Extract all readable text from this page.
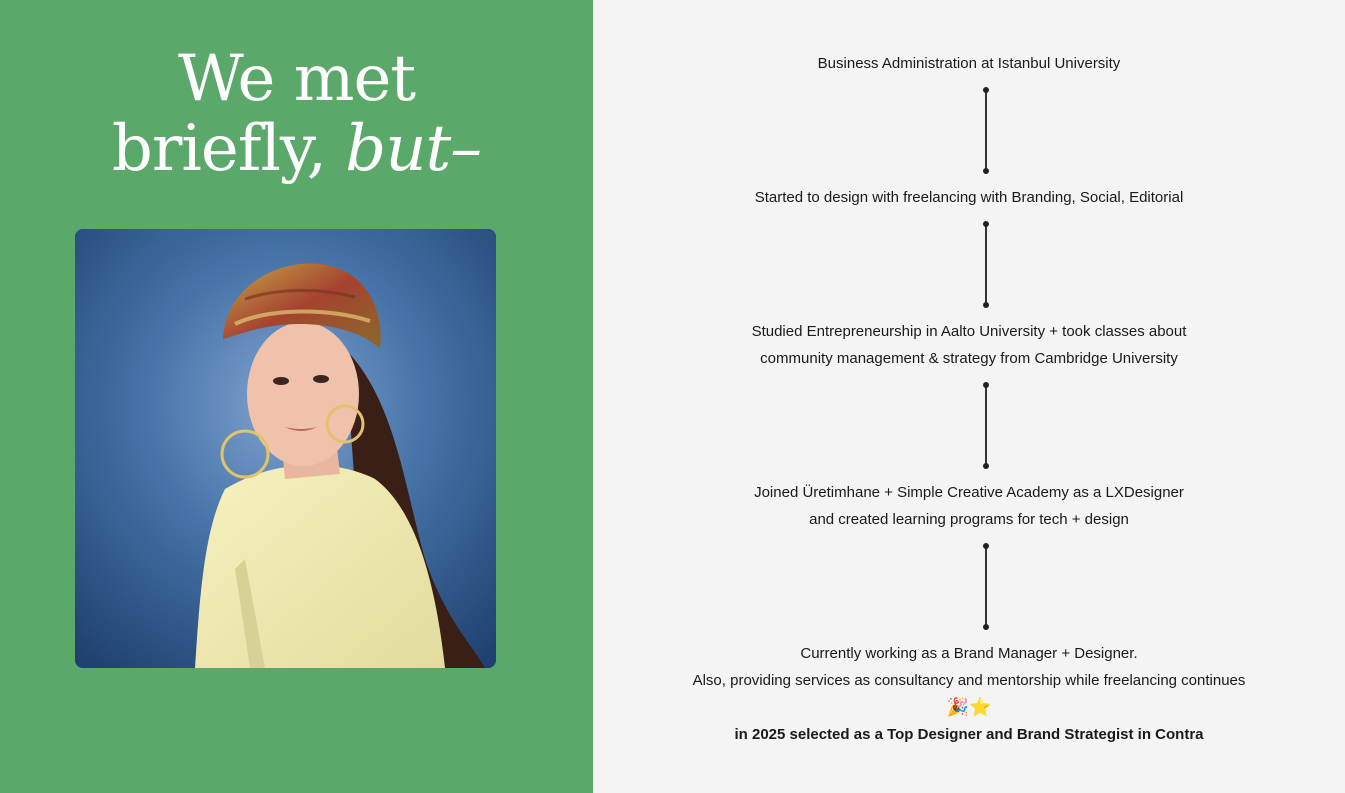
We met
briefly, but–
Business Administration at Istanbul University
Started to design with freelancing with Branding, Social, Editorial
Studied Entrepreneurship in Aalto University + took classes about
community management & strategy from Cambridge University
Joined Üretimhane + Simple Creative Academy as a LXDesigner
and created learning programs for tech + design
Currently working as a Brand Manager + Designer.
Also, providing services as consultancy and mentorship while freelancing continues
🎉⭐
in 2025 selected as a Top Designer and Brand Strategist in Contra
